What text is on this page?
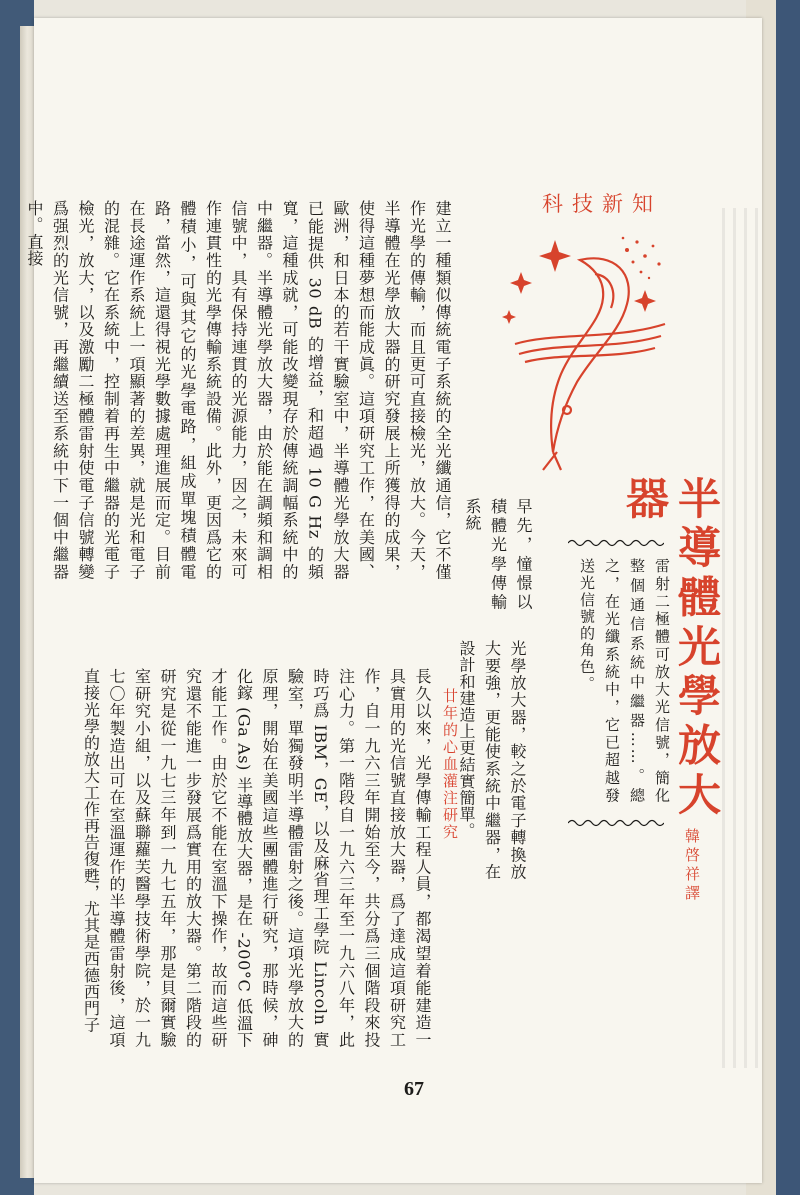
科技新知
半導體光學放大器
韓啓祥譯
雷射二極體可放大光信號，簡化整個通信系統中繼器……。總之，在光纖系統中，它已超越發送光信號的角色。
早先，憧憬以積體光學傳輸系統
光學放大器，較之於電子轉換放大要強，更能使系統中繼器，在設計和建造上更結實簡單。
廿年的心血灌注研究
建立一種類似傳統電子系統的全光纖通信，它不僅作光學的傳輸，而且更可直接檢光，放大。今天，半導體在光學放大器的研究發展上所獲得的成果，使得這種夢想而能成眞。這項研究工作，在美國、歐洲，和日本的若干實驗室中，半導體光學放大器已能提供 30 dB 的增益，和超過 10 G Hz 的頻寬，這種成就，可能改變現存於傳統調幅系統中的中繼器。半導體光學放大器，由於能在調頻和調相信號中，具有保持連貫的光源能力，因之，未來可作連貫性的光學傳輸系統設備。此外，更因爲它的體積小，可與其它的光學電路，組成單塊積體電路，當然，這還得視光學數據處理進展而定。目前在長途運作系統上一項顯著的差異，就是光和電子的混雜。它在系統中，控制着再生中繼器的光電子檢光，放大，以及激勵二極體雷射使電子信號轉變爲强烈的光信號，再繼續送至系統中下一個中繼器中。直接
長久以來，光學傳輸工程人員，都渴望着能建造一具實用的光信號直接放大器，爲了達成這項研究工作，自一九六三年開始至今，共分爲三個階段來投注心力。第一階段自一九六三年至一九六八年，此時巧爲 IBM，GE，以及麻省理工學院 Lincoln 實驗室，單獨發明半導體雷射之後。這項光學放大的原理，開始在美國這些團體進行研究，那時候，砷化鎵 (Ga As) 半導體放大器，是在 -200°C 低溫下才能工作。由於它不能在室溫下操作，故而這些研究還不能進一步發展爲實用的放大器。第二階段的研究是從一九七三年到一九七五年，那是貝爾實驗室研究小組，以及蘇聯蘿芙醫學技術學院，於一九七〇年製造出可在室溫運作的半導體雷射後，這項直接光學的放大工作再告復甦，尤其是西德西門子
67
